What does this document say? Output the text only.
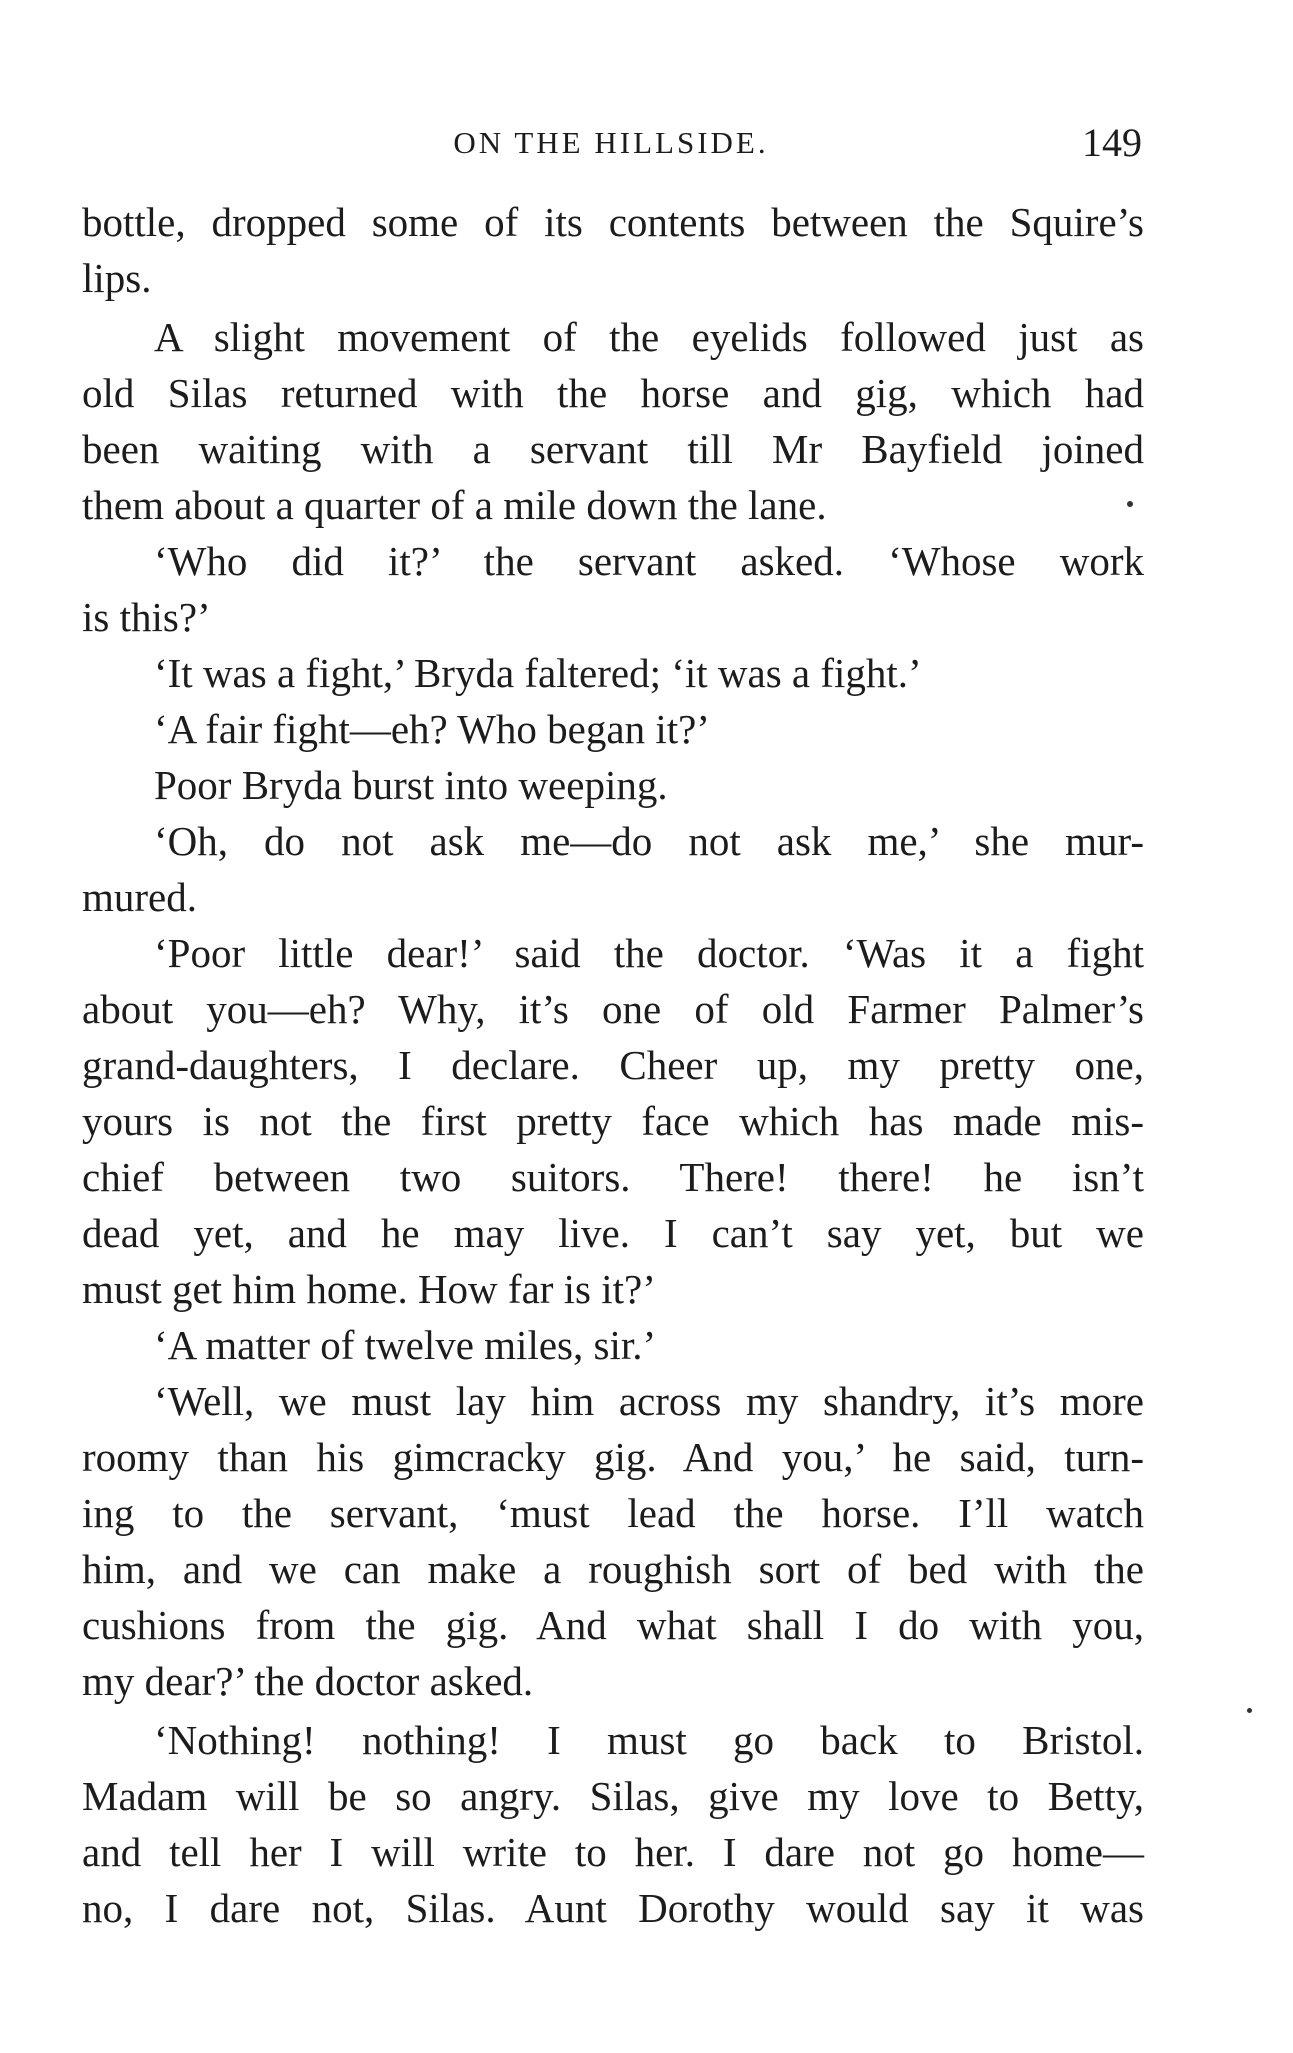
ON THE HILLSIDE.	149
bottle, dropped some of its contents between the Squire’s
lips.
A slight movement of the eyelids followed just as
old Silas returned with the horse and gig, which had
been waiting with a servant till Mr Bayfield joined
them about a quarter of a mile down the lane.
‘Who did it?’ the servant asked. ‘Whose work
is this?’
‘It was a fight,’ Bryda faltered; ‘it was a fight.’
‘A fair fight—eh? Who began it?’
Poor Bryda burst into weeping.
‘Oh, do not ask me—do not ask me,’ she mur-
mured.
‘Poor little dear!’ said the doctor. ‘Was it a fight
about you—eh? Why, it’s one of old Farmer Palmer’s
grand-daughters, I declare. Cheer up, my pretty one,
yours is not the first pretty face which has made mis-
chief between two suitors. There! there! he isn’t
dead yet, and he may live. I can’t say yet, but we
must get him home. How far is it?’
‘A matter of twelve miles, sir.’
‘Well, we must lay him across my shandry, it’s more
roomy than his gimcracky gig. And you,’ he said, turn-
ing to the servant, ‘must lead the horse. I’ll watch
him, and we can make a roughish sort of bed with the
cushions from the gig. And what shall I do with you,
my dear?’ the doctor asked.
‘Nothing! nothing! I must go back to Bristol.
Madam will be so angry. Silas, give my love to Betty,
and tell her I will write to her. I dare not go home—
no, I dare not, Silas. Aunt Dorothy would say it was
